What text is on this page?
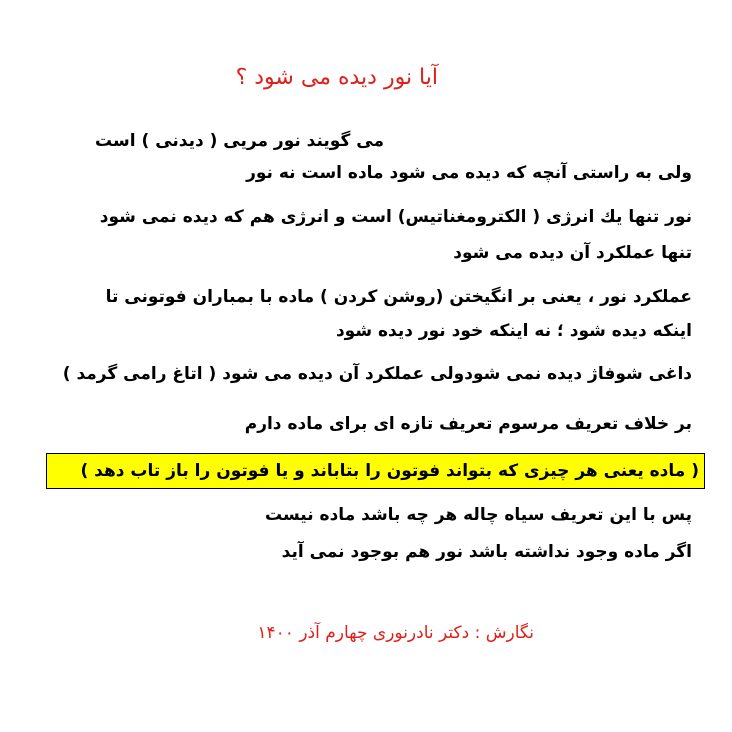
آیا نور دیده می شود ؟
می گویند نور مریی ( دیدنی ) است
ولی به راستی آنچه که دیده می شود ماده است نه نور
نور تنها یك انرژی ( الكترومغناتیس) است و انرژی هم که دیده نمی شود
تنها عملکرد آن دیده می شود
عملکرد نور ، یعنی بر انگیختن (روشن کردن ) ماده با بمباران فوتونی تا
اینکه دیده شود ؛ نه اینکه خود نور دیده شود
داغی شوفاژ دیده نمی شودولی عملکرد آن دیده می شود ( اتاغ رامی گرمد )
بر خلاف تعریف مرسوم تعریف تازه ای برای ماده دارم
( ماده یعنی هر چیزی که بتواند فوتون را بتاباند و یا فوتون را باز تاب دهد )
پس با این تعریف سیاه چاله هر چه باشد ماده نیست
اگر ماده وجود نداشته باشد نور هم بوجود نمی آید
نگارش : دکتر نادرنوری چهارم آذر ۱۴۰۰
